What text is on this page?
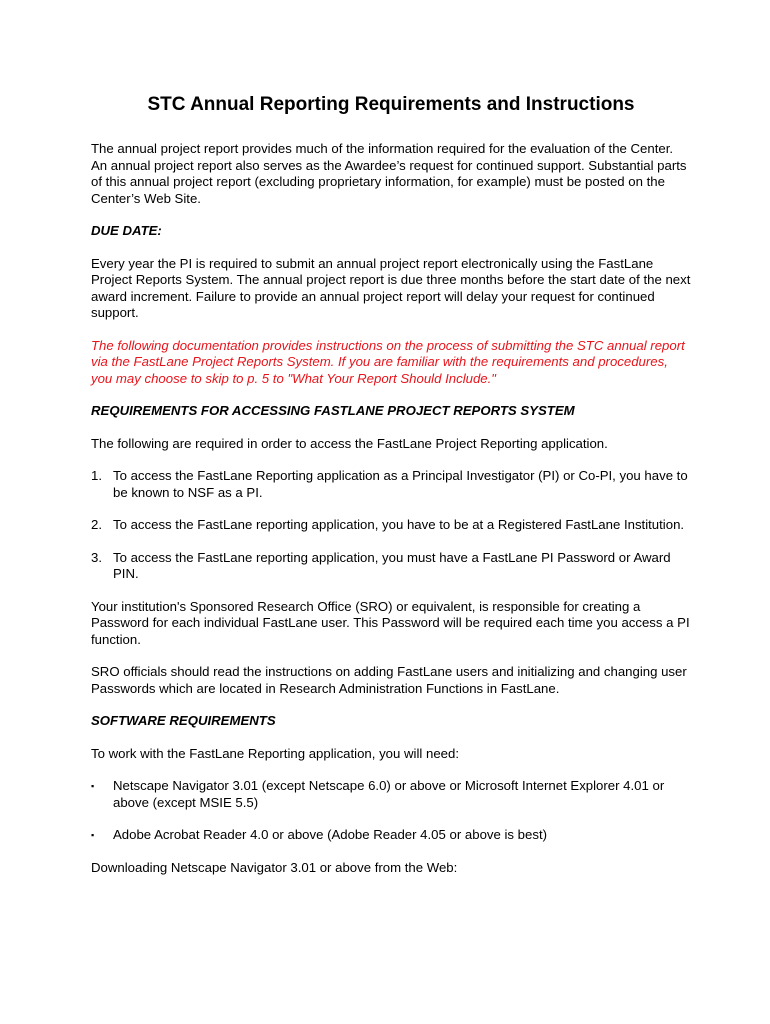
STC Annual Reporting Requirements and Instructions

The annual project report provides much of the information required for the evaluation of the Center. An annual project report also serves as the Awardee’s request for continued support. Substantial parts of this annual project report (excluding proprietary information, for example) must be posted on the Center’s Web Site.

DUE DATE:

Every year the PI is required to submit an annual project report electronically using the FastLane Project Reports System. The annual project report is due three months before the start date of the next award increment. Failure to provide an annual project report will delay your request for continued support.

The following documentation provides instructions on the process of submitting the STC annual report via the FastLane Project Reports System. If you are familiar with the requirements and procedures, you may choose to skip to p. 5 to "What Your Report Should Include."

REQUIREMENTS FOR ACCESSING FASTLANE PROJECT REPORTS SYSTEM

The following are required in order to access the FastLane Project Reporting application.

1. To access the FastLane Reporting application as a Principal Investigator (PI) or Co-PI, you have to be known to NSF as a PI.
2. To access the FastLane reporting application, you have to be at a Registered FastLane Institution.
3. To access the FastLane reporting application, you must have a FastLane PI Password or Award PIN.

Your institution's Sponsored Research Office (SRO) or equivalent, is responsible for creating a Password for each individual FastLane user. This Password will be required each time you access a PI function.

SRO officials should read the instructions on adding FastLane users and initializing and changing user Passwords which are located in Research Administration Functions in FastLane.

SOFTWARE REQUIREMENTS

To work with the FastLane Reporting application, you will need:

▪ Netscape Navigator 3.01 (except Netscape 6.0) or above or Microsoft Internet Explorer 4.01 or above (except MSIE 5.5)
▪ Adobe Acrobat Reader 4.0 or above (Adobe Reader 4.05 or above is best)

Downloading Netscape Navigator 3.01 or above from the Web:
